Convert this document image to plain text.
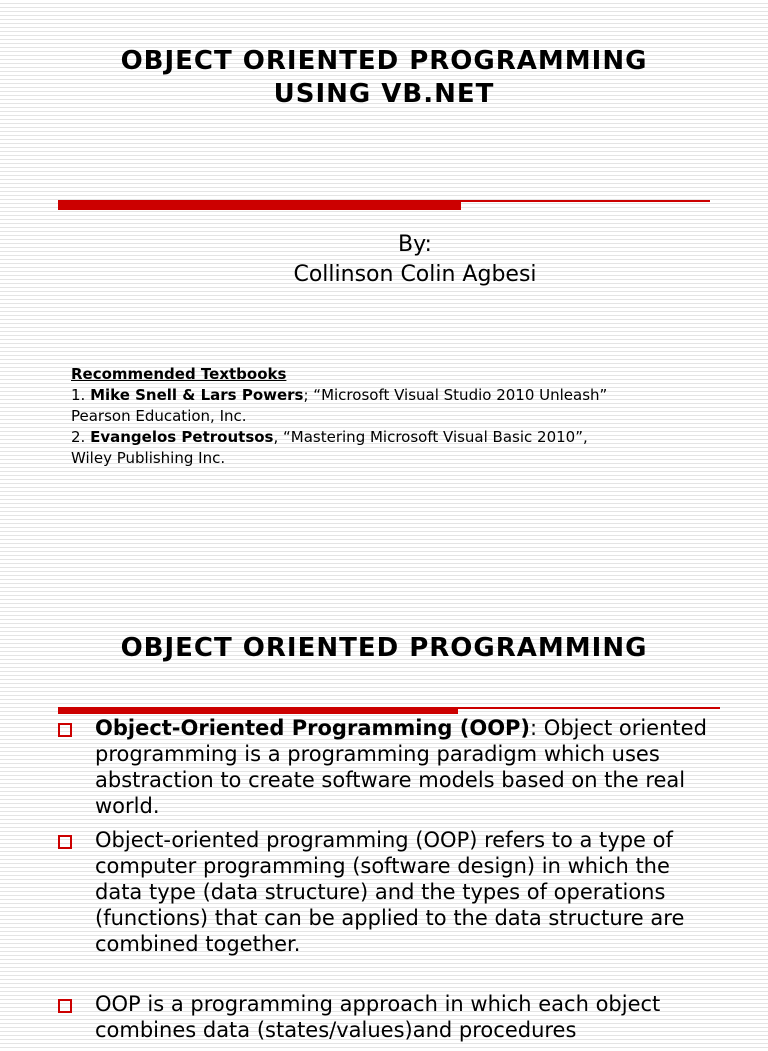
OBJECT ORIENTED PROGRAMMING
USING VB.NET
By:
Collinson Colin Agbesi
Recommended Textbooks
1. Mike Snell & Lars Powers; “Microsoft Visual Studio 2010 Unleash” Pearson Education, Inc.
2. Evangelos Petroutsos, “Mastering Microsoft Visual Basic 2010”, Wiley Publishing Inc.
OBJECT ORIENTED PROGRAMMING
Object-Oriented Programming (OOP): Object oriented programming is a programming paradigm which uses abstraction to create software models based on the real world.
Object-oriented programming (OOP) refers to a type of computer programming (software design) in which the data type (data structure) and the types of operations (functions) that can be applied to the data structure are combined together.
OOP is a programming approach in which each object combines data (states/values)and procedures
